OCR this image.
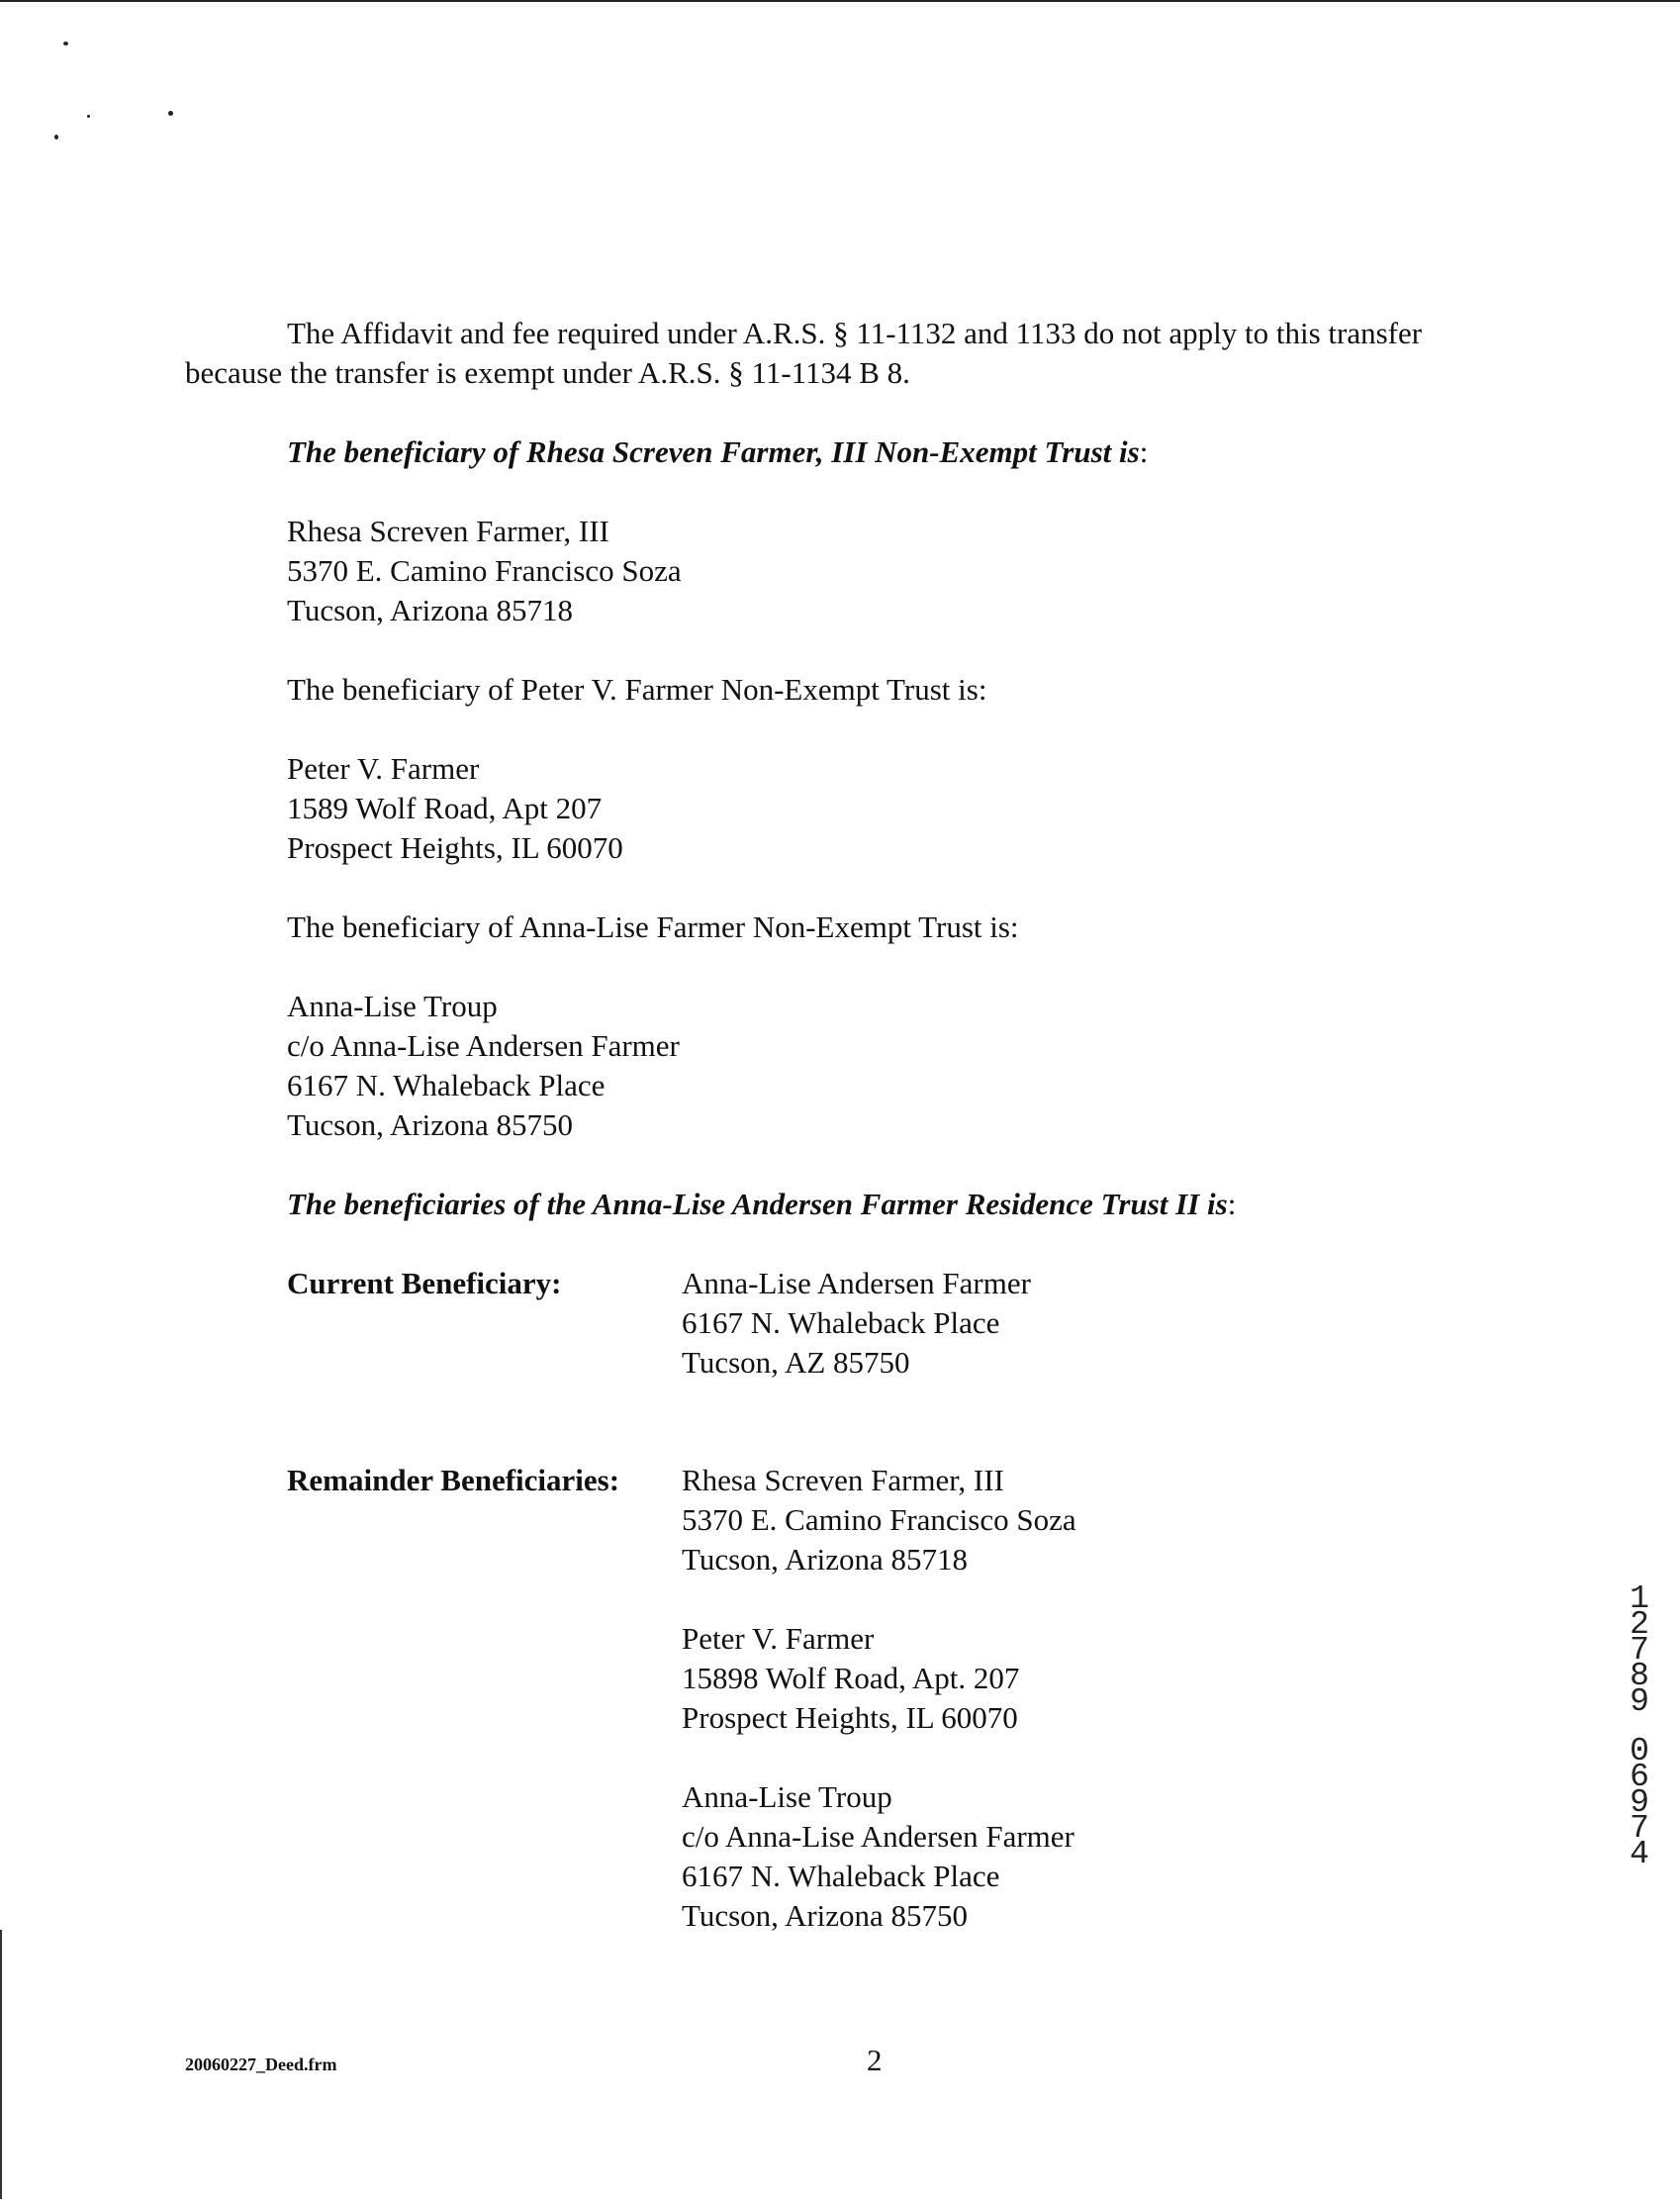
The Affidavit and fee required under A.R.S. § 11-1132 and 1133 do not apply to this transfer
because the transfer is exempt under A.R.S. § 11-1134 B 8.
The beneficiary of Rhesa Screven Farmer, III Non-Exempt Trust is:
Rhesa Screven Farmer, III
5370 E. Camino Francisco Soza
Tucson, Arizona 85718
The beneficiary of Peter V. Farmer Non-Exempt Trust is:
Peter V. Farmer
1589 Wolf Road, Apt 207
Prospect Heights, IL 60070
The beneficiary of Anna-Lise Farmer Non-Exempt Trust is:
Anna-Lise Troup
c/o Anna-Lise Andersen Farmer
6167 N. Whaleback Place
Tucson, Arizona 85750
The beneficiaries of the Anna-Lise Andersen Farmer Residence Trust II is:
Current Beneficiary:	Anna-Lise Andersen Farmer
6167 N. Whaleback Place
Tucson, AZ 85750
Remainder Beneficiaries: Rhesa Screven Farmer, III
5370 E. Camino Francisco Soza
Tucson, Arizona 85718
Peter V. Farmer
15898 Wolf Road, Apt. 207
Prospect Heights, IL 60070
Anna-Lise Troup
c/o Anna-Lise Andersen Farmer
6167 N. Whaleback Place
Tucson, Arizona 85750
1
2
7
8
9
0
6
9
7
4
20060227_Deed.frm	2
